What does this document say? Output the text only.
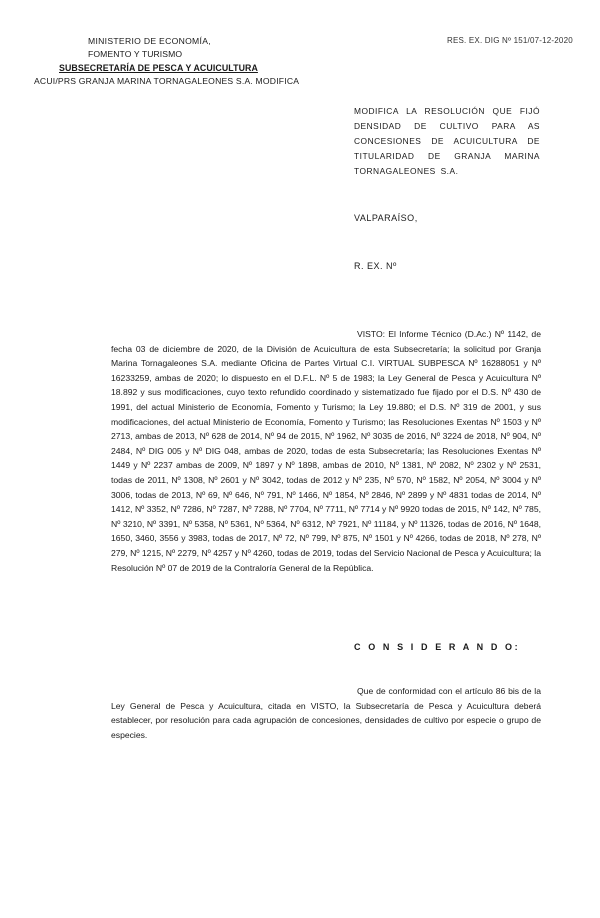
MINISTERIO DE ECONOMÍA,
FOMENTO Y TURISMO
SUBSECRETARÍA DE PESCA Y ACUICULTURA
ACUI/PRS GRANJA MARINA TORNAGALEONES S.A. MODIFICA
RES. EX. DIG Nº 151/07-12-2020
MODIFICA LA RESOLUCIÓN QUE FIJÓ DENSIDAD DE CULTIVO PARA AS CONCESIONES DE ACUICULTURA DE TITULARIDAD DE GRANJA MARINA TORNAGALEONES S.A.
VALPARAÍSO,
R. EX. Nº

VISTO: El Informe Técnico (D.Ac.) Nº 1142, de fecha 03 de diciembre de 2020, de la División de Acuicultura de esta Subsecretaría; la solicitud por Granja Marina Tornagaleones S.A. mediante Oficina de Partes Virtual C.I. VIRTUAL SUBPESCA Nº 16288051 y Nº 16233259, ambas de 2020; lo dispuesto en el D.F.L. Nº 5 de 1983; la Ley General de Pesca y Acuicultura Nº 18.892 y sus modificaciones, cuyo texto refundido coordinado y sistematizado fue fijado por el D.S. Nº 430 de 1991, del actual Ministerio de Economía, Fomento y Turismo; la Ley 19.880; el D.S. Nº 319 de 2001, y sus modificaciones, del actual Ministerio de Economía, Fomento y Turismo; las Resoluciones Exentas Nº 1503 y Nº 2713, ambas de 2013, Nº 628 de 2014, Nº 94 de 2015, Nº 1962, Nº 3035 de 2016, Nº 3224 de 2018, Nº 904, Nº 2484, Nº DIG 005 y Nº DIG 048, ambas de 2020, todas de esta Subsecretaría; las Resoluciones Exentas Nº 1449 y Nº 2237 ambas de 2009, Nº 1897 y Nº 1898, ambas de 2010, Nº 1381, Nº 2082, Nº 2302 y Nº 2531, todas de 2011, Nº 1308, Nº 2601 y Nº 3042, todas de 2012 y Nº 235, Nº 570, Nº 1582, Nº 2054, Nº 3004 y Nº 3006, todas de 2013, Nº 69, Nº 646, Nº 791, Nº 1466, Nº 1854, Nº 2846, Nº 2899 y Nº 4831 todas de 2014, Nº 1412, Nº 3352, Nº 7286, Nº 7287, Nº 7288, Nº 7704, Nº 7711, Nº 7714 y Nº 9920 todas de 2015, Nº 142, Nº 785, Nº 3210, Nº 3391, Nº 5358, Nº 5361, Nº 5364, Nº 6312, Nº 7921, Nº 11184, y Nº 11326, todas de 2016, Nº 1648, 1650, 3460, 3556 y 3983, todas de 2017, Nº 72, Nº 799, Nº 875, Nº 1501 y Nº 4266, todas de 2018, Nº 278, Nº 279, Nº 1215, Nº 2279, Nº 4257 y Nº 4260, todas de 2019, todas del Servicio Nacional de Pesca y Acuicultura; la Resolución Nº 07 de 2019 de la Contraloría General de la República.

C O N S I D E R A N D O:

Que de conformidad con el artículo 86 bis de la Ley General de Pesca y Acuicultura, citada en VISTO, la Subsecretaría de Pesca y Acuicultura deberá establecer, por resolución para cada agrupación de concesiones, densidades de cultivo por especie o grupo de especies.
